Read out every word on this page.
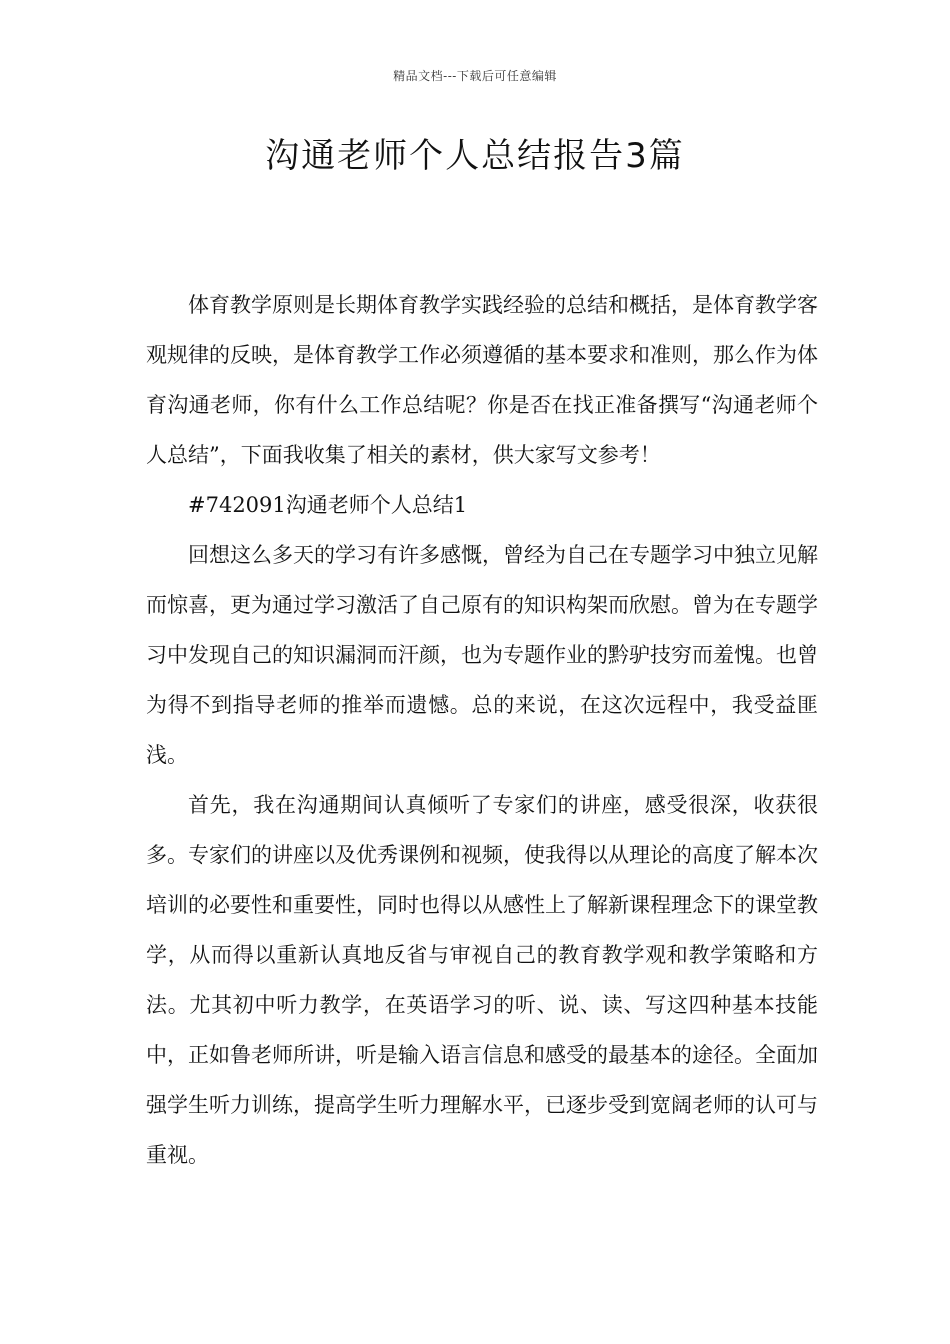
精品文档---下载后可任意编辑
沟通老师个人总结报告3篇

体育教学原则是长期体育教学实践经验的总结和概括，是体育教学客观规律的反映，是体育教学工作必须遵循的基本要求和准则，那么作为体育沟通老师，你有什么工作总结呢？你是否在找正准备撰写“沟通老师个人总结”，下面我收集了相关的素材，供大家写文参考！

#742091沟通老师个人总结1

回想这么多天的学习有许多感慨，曾经为自己在专题学习中独立见解而惊喜，更为通过学习激活了自己原有的知识构架而欣慰。曾为在专题学习中发现自己的知识漏洞而汗颜，也为专题作业的黔驴技穷而羞愧。也曾为得不到指导老师的推举而遗憾。总的来说，在这次远程中，我受益匪浅。

首先，我在沟通期间认真倾听了专家们的讲座，感受很深，收获很多。专家们的讲座以及优秀课例和视频，使我得以从理论的高度了解本次培训的必要性和重要性，同时也得以从感性上了解新课程理念下的课堂教学，从而得以重新认真地反省与审视自己的教育教学观和教学策略和方法。尤其初中听力教学，在英语学习的听、说、读、写这四种基本技能中，正如鲁老师所讲，听是输入语言信息和感受的最基本的途径。全面加强学生听力训练，提高学生听力理解水平，已逐步受到宽阔老师的认可与重视。
